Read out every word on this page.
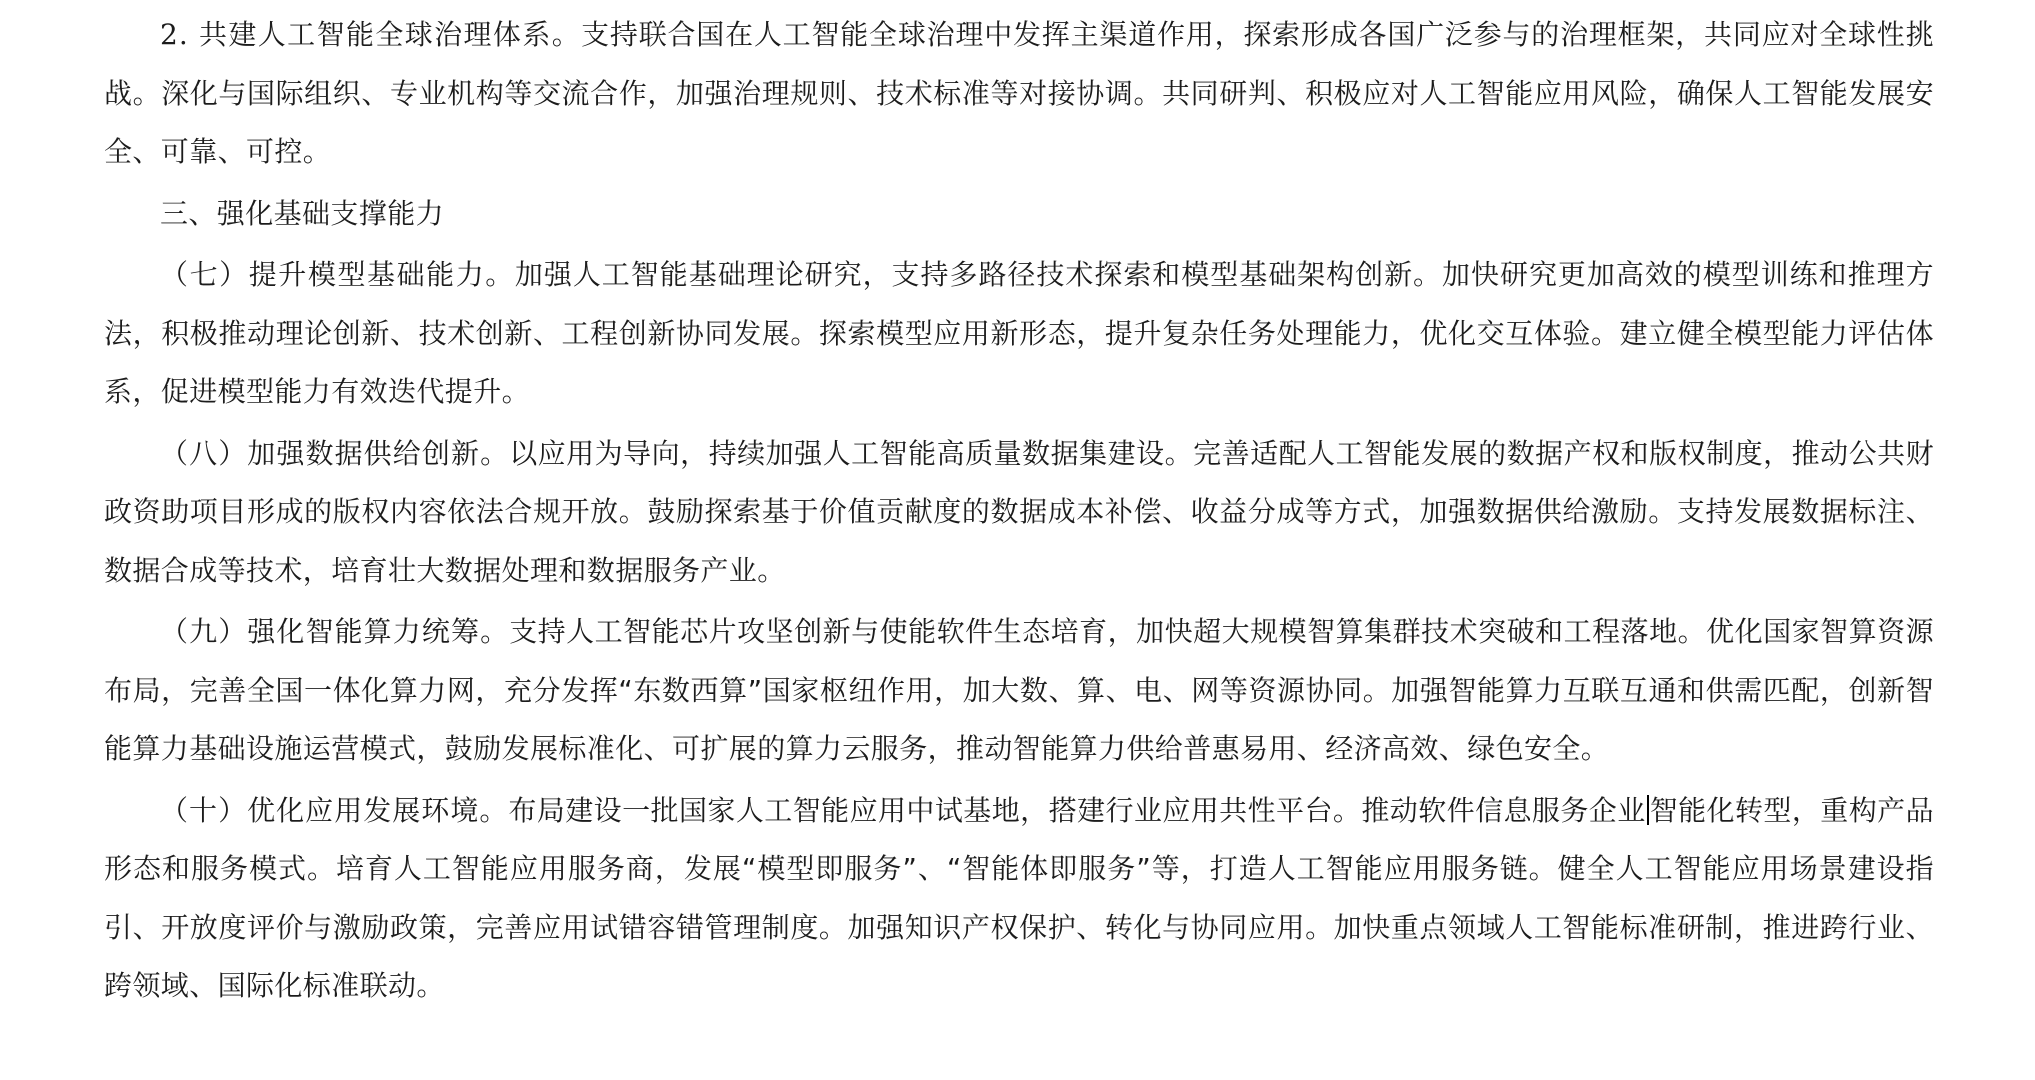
2. 共建人工智能全球治理体系。支持联合国在人工智能全球治理中发挥主渠道作用，探索形成各国广泛参与的治理框架，共同应对全球性挑战。深化与国际组织、专业机构等交流合作，加强治理规则、技术标准等对接协调。共同研判、积极应对人工智能应用风险，确保人工智能发展安全、可靠、可控。

三、强化基础支撑能力

（七）提升模型基础能力。加强人工智能基础理论研究，支持多路径技术探索和模型基础架构创新。加快研究更加高效的模型训练和推理方法，积极推动理论创新、技术创新、工程创新协同发展。探索模型应用新形态，提升复杂任务处理能力，优化交互体验。建立健全模型能力评估体系，促进模型能力有效迭代提升。

（八）加强数据供给创新。以应用为导向，持续加强人工智能高质量数据集建设。完善适配人工智能发展的数据产权和版权制度，推动公共财政资助项目形成的版权内容依法合规开放。鼓励探索基于价值贡献度的数据成本补偿、收益分成等方式，加强数据供给激励。支持发展数据标注、数据合成等技术，培育壮大数据处理和数据服务产业。

（九）强化智能算力统筹。支持人工智能芯片攻坚创新与使能软件生态培育，加快超大规模智算集群技术突破和工程落地。优化国家智算资源布局，完善全国一体化算力网，充分发挥“东数西算”国家枢纽作用，加大数、算、电、网等资源协同。加强智能算力互联互通和供需匹配，创新智能算力基础设施运营模式，鼓励发展标准化、可扩展的算力云服务，推动智能算力供给普惠易用、经济高效、绿色安全。

（十）优化应用发展环境。布局建设一批国家人工智能应用中试基地，搭建行业应用共性平台。推动软件信息服务企业 智能化转型，重构产品形态和服务模式。培育人工智能应用服务商，发展“模型即服务”、“智能体即服务”等，打造人工智能应用服务链。健全人工智能应用场景建设指引、开放度评价与激励政策，完善应用试错容错管理制度。加强知识产权保护、转化与协同应用。加快重点领域人工智能标准研制，推进跨行业、跨领域、国际化标准联动。
